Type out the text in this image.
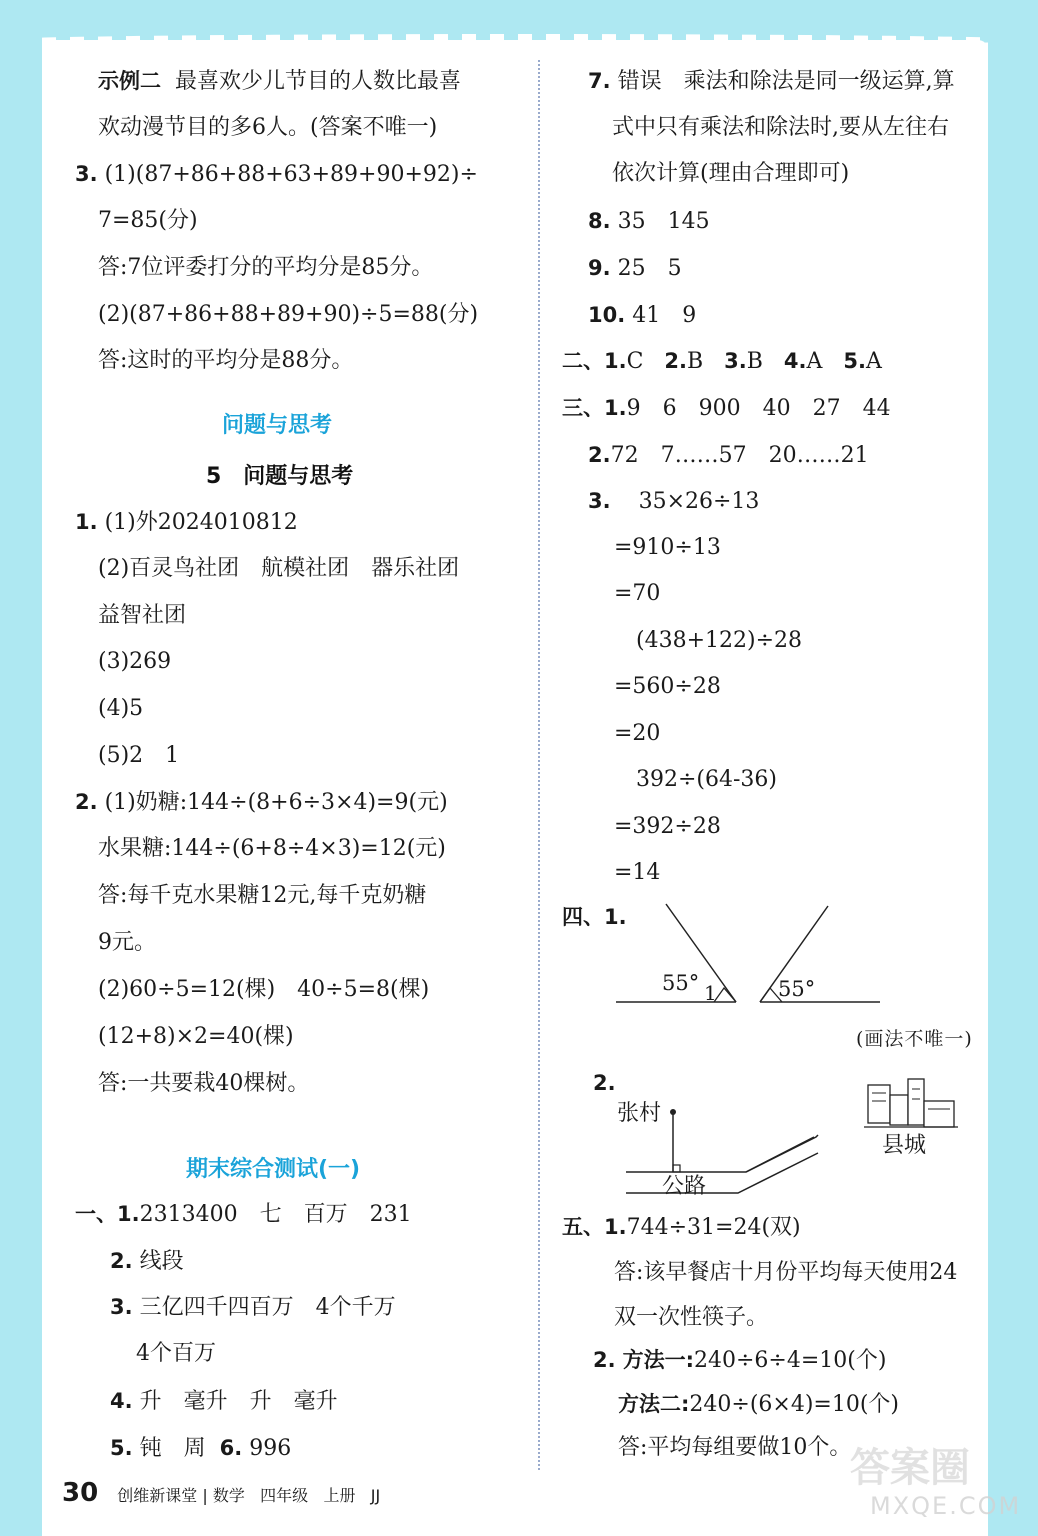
示例二 最喜欢少儿节目的人数比最喜
欢动漫节目的多6人。(答案不唯一)
3. (1)(87+86+88+63+89+90+92)÷
7=85(分)
答:7位评委打分的平均分是85分。
(2)(87+86+88+89+90)÷5=88(分)
答:这时的平均分是88分。
问题与思考
5　问题与思考
1. (1)外2024010812
(2)百灵鸟社团　航模社团　器乐社团
益智社团
(3)269
(4)5
(5)2　1
2. (1)奶糖:144÷(8+6÷3×4)=9(元)
水果糖:144÷(6+8÷4×3)=12(元)
答:每千克水果糖12元,每千克奶糖
9元。
(2)60÷5=12(棵)　40÷5=8(棵)
(12+8)×2=40(棵)
答:一共要栽40棵树。
期末综合测试(一)
一、1.2313400　七　百万　231
2. 线段
3. 三亿四千四百万　4个千万
4个百万
4. 升　毫升　升　毫升
5. 钝　周 6. 996
7. 错误　乘法和除法是同一级运算,算
式中只有乘法和除法时,要从左往右
依次计算(理由合理即可)
8. 35　145
9. 25　5
10. 41　9
二、1.C 2.B 3.B 4.A 5.A
三、1.9　6　900　40　27　44
2.72　7……57　20……21
3. 35×26÷13
=910÷13
=70
(438+122)÷28
=560÷28
=20
392÷(64-36)
=392÷28
=14
四、1.
55° 1	55°
(画法不唯一)
2.
张村
公路
县城
五、1.744÷31=24(双)
答:该早餐店十月份平均每天使用24
双一次性筷子。
2. 方法一:240÷6÷4=10(个)
方法二:240÷(6×4)=10(个)
答:平均每组要做10个。
30 创维新课堂 | 数学 四年级 上册 JJ
答案圈
MXQE.COM
